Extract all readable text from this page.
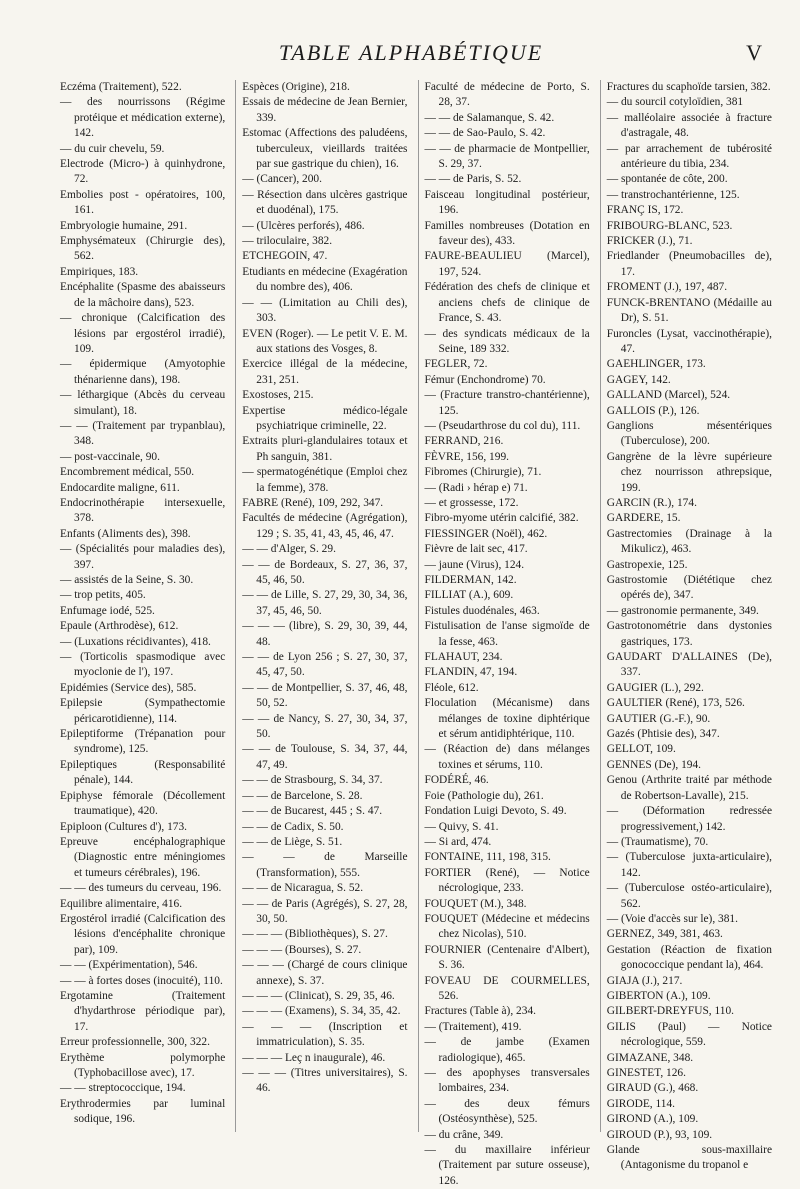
TABLE ALPHABÉTIQUE	V

Eczéma (Traitement), 522.

— des nourrissons (Régime protéique et médication externe), 142.

— du cuir chevelu, 59.

Electrode (Micro-) à quinhydrone, 72.

Embolies post - opératoires, 100, 161.

Embryologie humaine, 291.

Emphysémateux (Chirurgie des), 562.

Empiriques, 183.

Encéphalite (Spasme des abaisseurs de la mâchoire dans), 523.

— chronique (Calcification des lésions par ergostérol irradié), 109.

— épidermique (Amyotophie thénarienne dans), 198.

— léthargique (Abcès du cerveau simulant), 18.

— — (Traitement par trypanblau), 348.

— post-vaccinale, 90.

Encombrement médical, 550.

Endocardite maligne, 611.

Endocrinothérapie intersexuelle, 378.

Enfants (Aliments des), 398.

— (Spécialités pour maladies des), 397.

— assistés de la Seine, S. 30.

— trop petits, 405.

Enfumage iodé, 525.

Epaule (Arthrodèse), 612.

— (Luxations récidivantes), 418.

— (Torticolis spasmodique avec myoclonie de l'), 197.

Epidémies (Service des), 585.

Epilepsie (Sympathectomie péricarotidienne), 114.

Epileptiforme (Trépanation pour syndrome), 125.

Epileptiques (Responsabilité pénale), 144.

Epiphyse fémorale (Décollement traumatique), 420.

Epiploon (Cultures d'), 173.

Epreuve encéphalographique (Diagnostic entre méningiomes et tumeurs cérébrales), 196.

— — des tumeurs du cerveau, 196.

Equilibre alimentaire, 416.

Ergostérol irradié (Calcification des lésions d'encéphalite chronique par), 109.

— — (Expérimentation), 546.

— — à fortes doses (inocuité), 110.

Ergotamine (Traitement d'hydarthrose périodique par), 17.

Erreur professionnelle, 300, 322.

Erythème polymorphe (Typhobacillose avec), 17.

— — streptococcique, 194.

Erythrodermies par luminal sodique, 196.

Espèces (Origine), 218.

Essais de médecine de Jean Bernier, 339.

Estomac (Affections des paludéens, tuberculeux, vieillards traitées par sue gastrique du chien), 16.

— (Cancer), 200.

— Résection dans ulcères gastrique et duodénal), 175.

— (Ulcères perforés), 486.

— triloculaire, 382.

ETCHEGOIN, 47.

Etudiants en médecine (Exagération du nombre des), 406.

— — (Limitation au Chili des), 303.

EVEN (Roger). — Le petit V. E. M. aux stations des Vosges, 8.

Exercice illégal de la médecine, 231, 251.

Exostoses, 215.

Expertise médico-légale psychiatrique criminelle, 22.

Extraits pluri-glandulaires totaux et Ph sanguin, 381.

— spermatogénétique (Emploi chez la femme), 378.

FABRE (René), 109, 292, 347.

Facultés de médecine (Agrégation), 129 ; S. 35, 41, 43, 45, 46, 47.

— — d'Alger, S. 29.

— — de Bordeaux, S. 27, 36, 37, 45, 46, 50.

— — de Lille, S. 27, 29, 30, 34, 36, 37, 45, 46, 50.

— — — (libre), S. 29, 30, 39, 44, 48.

— — de Lyon 256 ; S. 27, 30, 37, 45, 47, 50.

— — de Montpellier, S. 37, 46, 48, 50, 52.

— — de Nancy, S. 27, 30, 34, 37, 50.

— — de Toulouse, S. 34, 37, 44, 47, 49.

— — de Strasbourg, S. 34, 37.

— — de Barcelone, S. 28.

— — de Bucarest, 445 ; S. 47.

— — de Cadix, S. 50.

— — de Liège, S. 51.

— — de Marseille (Transformation), 555.

— — de Nicaragua, S. 52.

— — de Paris (Agrégés), S. 27, 28, 30, 50.

— — — (Bibliothèques), S. 27.

— — — (Bourses), S. 27.

— — — (Chargé de cours clinique annexe), S. 37.

— — — (Clinicat), S. 29, 35, 46.

— — — (Examens), S. 34, 35, 42.

— — — (Inscription et immatriculation), S. 35.

— — — Leç n inaugurale), 46.

— — — (Titres universitaires), S. 46.

Faculté de médecine de Porto, S. 28, 37.

— — de Salamanque, S. 42.

— — de Sao-Paulo, S. 42.

— — de pharmacie de Montpellier, S. 29, 37.

— — de Paris, S. 52.

Faisceau longitudinal postérieur, 196.

Familles nombreuses (Dotation en faveur des), 433.

FAURE-BEAULIEU (Marcel), 197, 524.

Fédération des chefs de clinique et anciens chefs de clinique de France, S. 43.

— des syndicats médicaux de la Seine, 189 332.

FEGLER, 72.

Fémur (Enchondrome) 70.

— (Fracture transtro-chantérienne), 125.

— (Pseudarthrose du col du), 111.

FERRAND, 216.

FÈVRE, 156, 199.

Fibromes (Chirurgie), 71.

— (Radi › hérap e) 71.

— et grossesse, 172.

Fibro-myome utérin calcifié, 382.

FIESSINGER (Noël), 462.

Fièvre de lait sec, 417.

— jaune (Virus), 124.

FILDERMAN, 142.

FILLIAT (A.), 609.

Fistules duodénales, 463.

Fistulisation de l'anse sigmoïde de la fesse, 463.

FLAHAUT, 234.

FLANDIN, 47, 194.

Fléole, 612.

Floculation (Mécanisme) dans mélanges de toxine diphtérique et sérum antidiphtérique, 110.

— (Réaction de) dans mélanges toxines et sérums, 110.

FODÉRÉ, 46.

Foie (Pathologie du), 261.

Fondation Luigi Devoto, S. 49.

— Quivy, S. 41.

— Si ard, 474.

FONTAINE, 111, 198, 315.

FORTIER (René), — Notice nécrologique, 233.

FOUQUET (M.), 348.

FOUQUET (Médecine et médecins chez Nicolas), 510.

FOURNIER (Centenaire d'Albert), S. 36.

FOVEAU DE COURMELLES, 526.

Fractures (Table à), 234.

— (Traitement), 419.

— de jambe (Examen radiologique), 465.

— des apophyses transversales lombaires, 234.

— des deux fémurs (Ostéosynthèse), 525.

— du crâne, 349.

— du maxillaire inférieur (Traitement par suture osseuse), 126.

Fractures du scaphoïde tarsien, 382.

— du sourcil cotyloïdien, 381

— malléolaire associée à fracture d'astragale, 48.

— par arrachement de tubérosité antérieure du tibia, 234.

— spontanée de côte, 200.

— transtrochantérienne, 125.

FRANÇ IS, 172.

FRIBOURG-BLANC, 523.

FRICKER (J.), 71.

Friedlander (Pneumobacilles de), 17.

FROMENT (J.), 197, 487.

FUNCK-BRENTANO (Médaille au Dr), S. 51.

Furoncles (Lysat, vaccinothérapie), 47.

GAEHLINGER, 173.

GAGEY, 142.

GALLAND (Marcel), 524.

GALLOIS (P.), 126.

Ganglions mésentériques (Tuberculose), 200.

Gangrène de la lèvre supérieure chez nourrisson athrepsique, 199.

GARCIN (R.), 174.

GARDERE, 15.

Gastrectomies (Drainage à la Mikulicz), 463.

Gastropexie, 125.

Gastrostomie (Diététique chez opérés de), 347.

— gastronomie permanente, 349.

Gastrotonométrie dans dystonies gastriques, 173.

GAUDART D'ALLAINES (De), 337.

GAUGIER (L.), 292.

GAULTIER (René), 173, 526.

GAUTIER (G.-F.), 90.

Gazés (Phtisie des), 347.

GELLOT, 109.

GENNES (De), 194.

Genou (Arthrite traité par méthode de Robertson-Lavalle), 215.

— (Déformation redressée progressivement,) 142.

— (Traumatisme), 70.

— (Tuberculose juxta-articulaire), 142.

— (Tuberculose ostéo-articulaire), 562.

— (Voie d'accès sur le), 381.

GERNEZ, 349, 381, 463.

Gestation (Réaction de fixation gonococcique pendant la), 464.

GIAJA (J.), 217.

GIBERTON (A.), 109.

GILBERT-DREYFUS, 110.

GILIS (Paul) — Notice nécrologique, 559.

GIMAZANE, 348.

GINESTET, 126.

GIRAUD (G.), 468.

GIRODE, 114.

GIROND (A.), 109.

GIROUD (P.), 93, 109.

Glande sous-maxillaire (Antagonisme du tropanol e
